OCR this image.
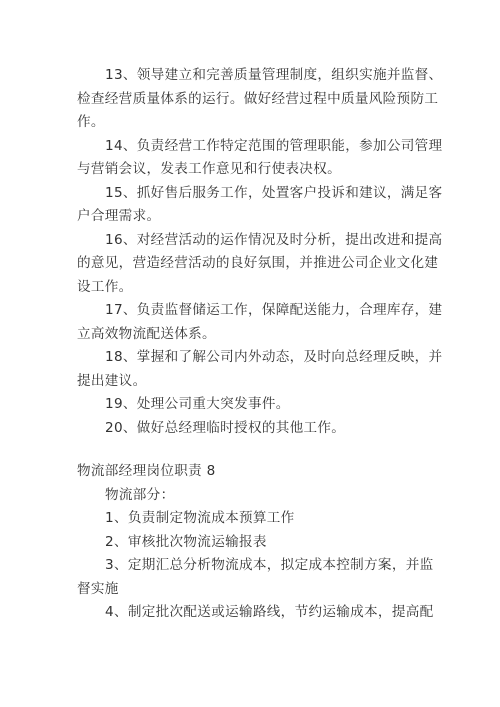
13、领导建立和完善质量管理制度，组织实施并监督、
检查经营质量体系的运行。做好经营过程中质量风险预防工
作。
14、负责经营工作特定范围的管理职能，参加公司管理
与营销会议，发表工作意见和行使表决权。
15、抓好售后服务工作，处置客户投诉和建议，满足客
户合理需求。
16、对经营活动的运作情况及时分析，提出改进和提高
的意见，营造经营活动的良好氛围，并推进公司企业文化建
设工作。
17、负责监督储运工作，保障配送能力，合理库存，建
立高效物流配送体系。
18、掌握和了解公司内外动态，及时向总经理反映，并
提出建议。
19、处理公司重大突发事件。
20、做好总经理临时授权的其他工作。
物流部经理岗位职责 8
物流部分：
1、负责制定物流成本预算工作
2、审核批次物流运输报表
3、定期汇总分析物流成本，拟定成本控制方案，并监
督实施
4、制定批次配送或运输路线，节约运输成本，提高配
